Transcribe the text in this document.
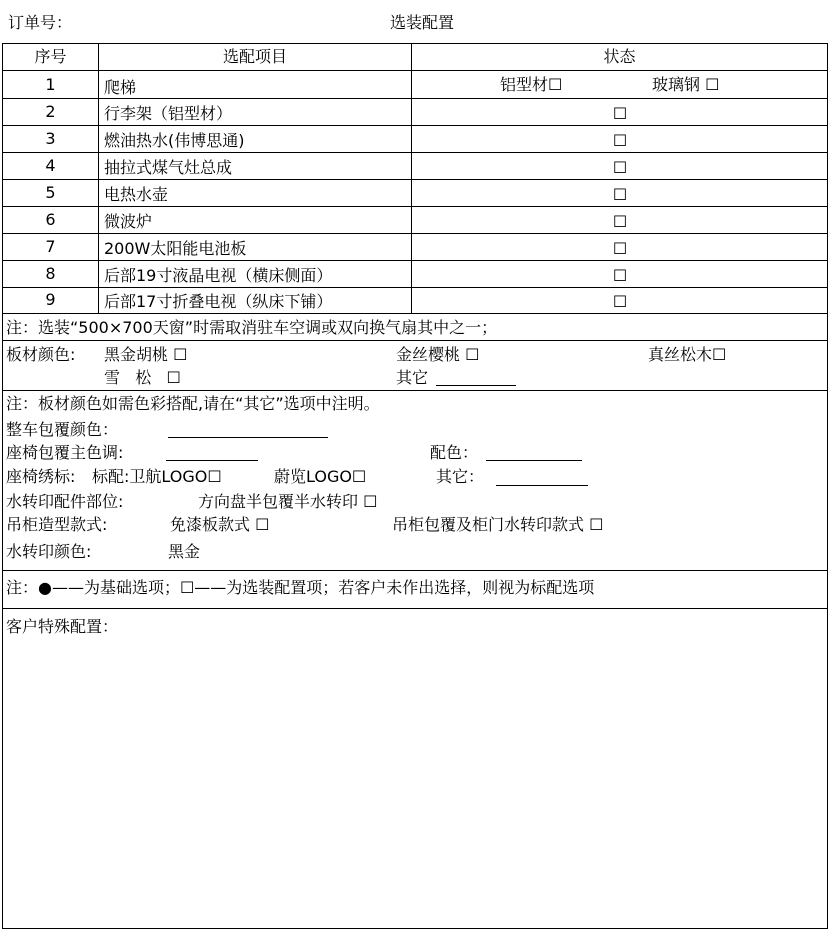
订单号：	选装配置
序号	选配项目	状态
1	爬梯	铝型材☐	玻璃钢 ☐
2	行李架（铝型材）	☐
3	燃油热水(伟博思通)	☐
4	抽拉式煤气灶总成	☐
5	电热水壶	☐
6	微波炉	☐
7	200W太阳能电池板	☐
8	后部19寸液晶电视（横床侧面）	☐
9	后部17寸折叠电视（纵床下铺）	☐
注：选装“500×700天窗”时需取消驻车空调或双向换气扇其中之一；
板材颜色: 黑金胡桃 ☐	金丝樱桃 ☐	真丝松木☐
雪   松   ☐	其它
注：板材颜色如需色彩搭配,请在“其它”选项中注明。
整车包覆颜色：
座椅包覆主色调:	配色：
座椅绣标: 标配:卫航LOGO☐	蔚览LOGO☐	其它：
水转印配件部位:	方向盘半包覆半水转印 ☐
吊柜造型款式:	免漆板款式 ☐	吊柜包覆及柜门水转印款式 ☐
水转印颜色:	黑金
注：●——为基础选项；☐——为选装配置项；若客户未作出选择，则视为标配选项
客户特殊配置：
